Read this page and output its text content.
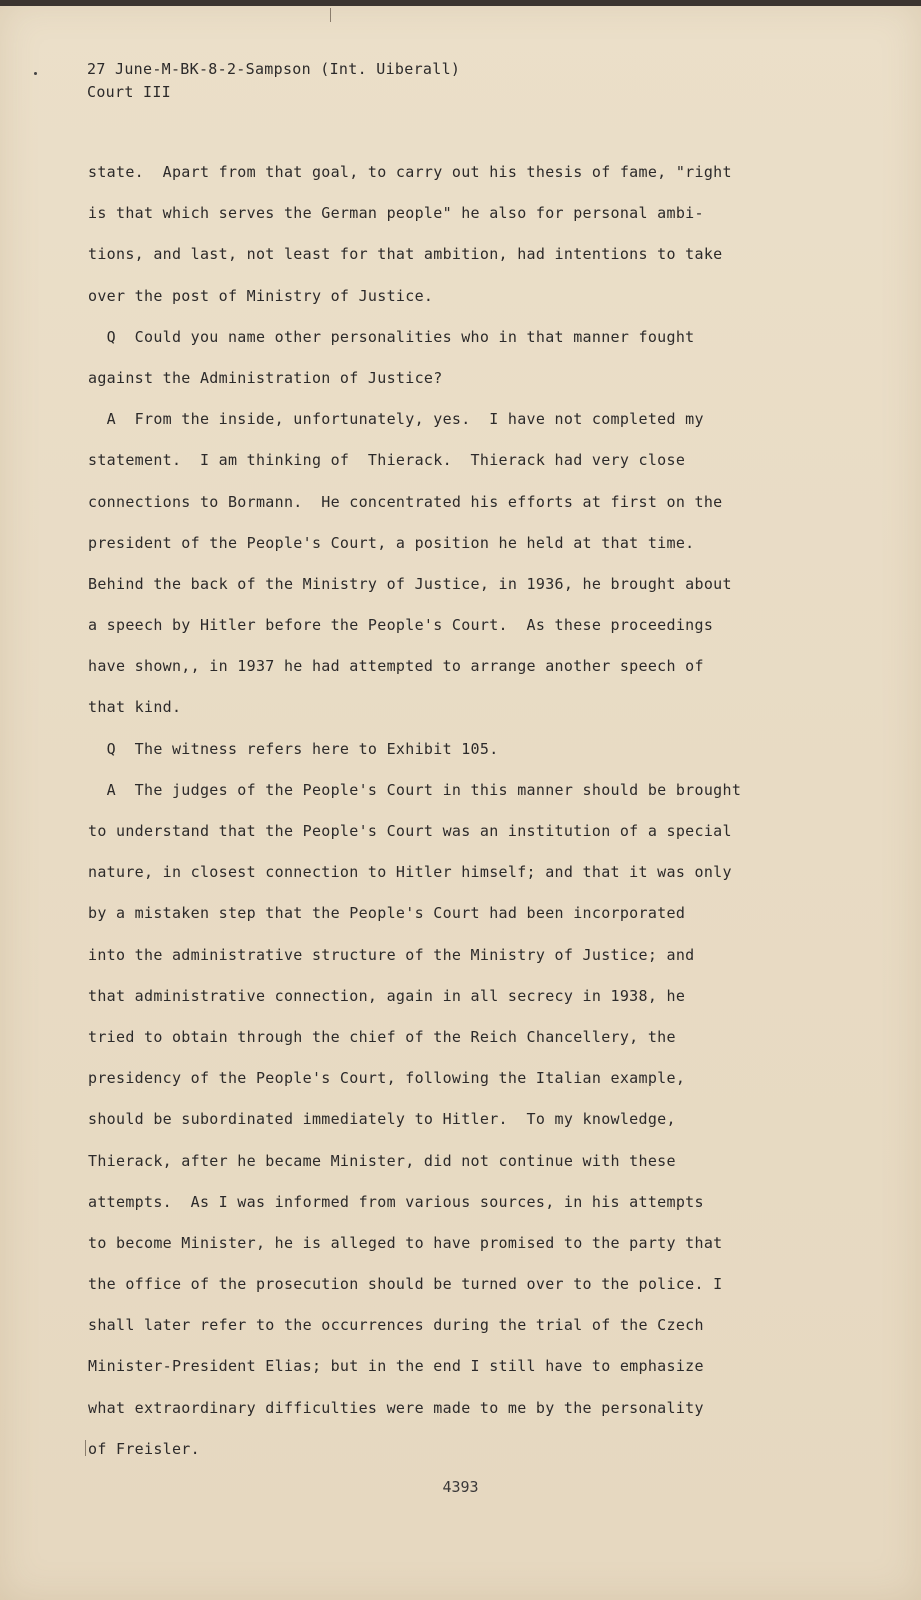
27 June-M-BK-8-2-Sampson (Int. Uiberall)
Court III
state.  Apart from that goal, to carry out his thesis of fame, "right
is that which serves the German people" he also for personal ambi-
tions, and last, not least for that ambition, had intentions to take
over the post of Ministry of Justice.
Q  Could you name other personalities who in that manner fought
against the Administration of Justice?
A  From the inside, unfortunately, yes.  I have not completed my
statement.  I am thinking of  Thierack.  Thierack had very close
connections to Bormann.  He concentrated his efforts at first on the
president of the People's Court, a position he held at that time.
Behind the back of the Ministry of Justice, in 1936, he brought about
a speech by Hitler before the People's Court.  As these proceedings
have shown,, in 1937 he had attempted to arrange another speech of
that kind.
Q  The witness refers here to Exhibit 105.
A  The judges of the People's Court in this manner should be brought
to understand that the People's Court was an institution of a special
nature, in closest connection to Hitler himself; and that it was only
by a mistaken step that the People's Court had been incorporated
into the administrative structure of the Ministry of Justice; and
that administrative connection, again in all secrecy in 1938, he
tried to obtain through the chief of the Reich Chancellery, the
presidency of the People's Court, following the Italian example,
should be subordinated immediately to Hitler.  To my knowledge,
Thierack, after he became Minister, did not continue with these
attempts.  As I was informed from various sources, in his attempts
to become Minister, he is alleged to have promised to the party that
the office of the prosecution should be turned over to the police. I
shall later refer to the occurrences during the trial of the Czech
Minister-President Elias; but in the end I still have to emphasize
what extraordinary difficulties were made to me by the personality
of Freisler.
4393
